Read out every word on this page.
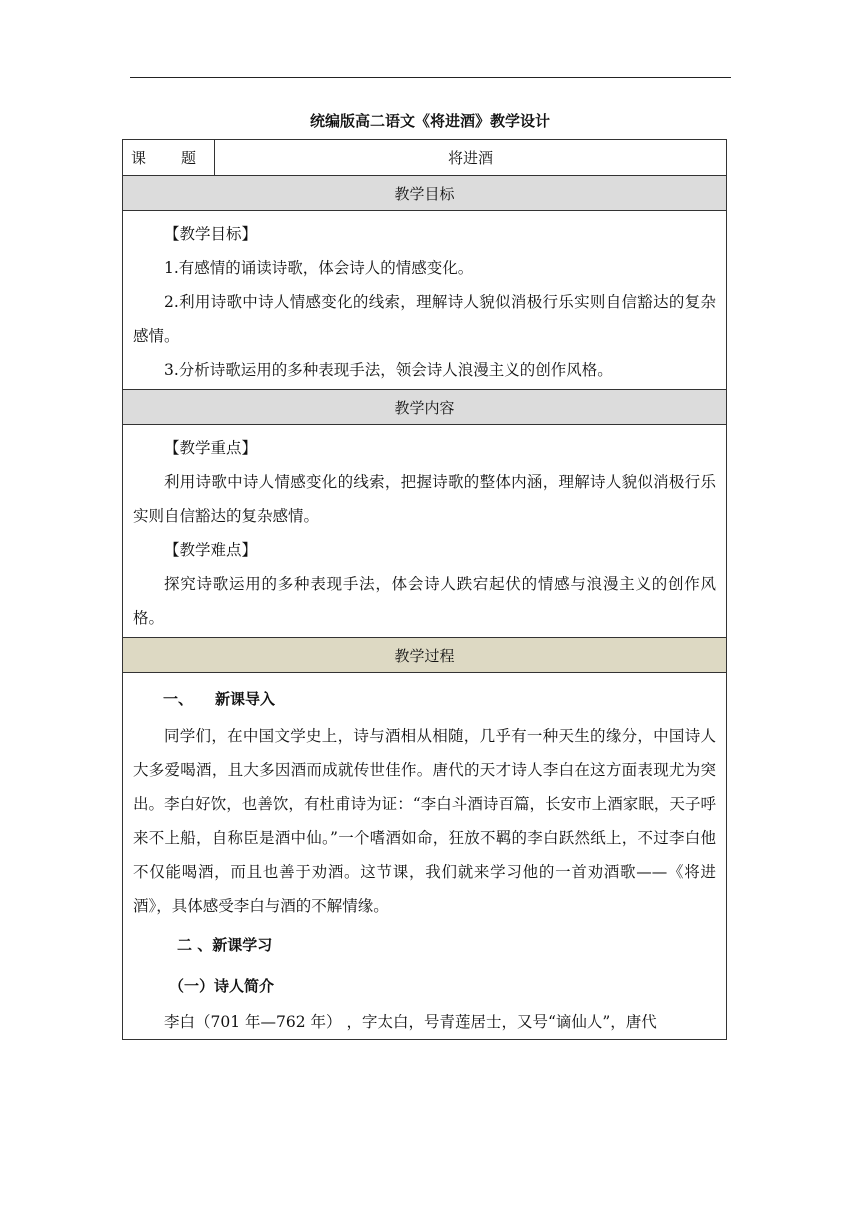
统编版高二语文《将进酒》教学设计
课 题	将进酒
教学目标

【教学目标】

1.有感情的诵读诗歌，体会诗人的情感变化。

2.利用诗歌中诗人情感变化的线索，理解诗人貌似消极行乐实则自信豁达的复杂感情。

3.分析诗歌运用的多种表现手法，领会诗人浪漫主义的创作风格。

教学内容

【教学重点】

利用诗歌中诗人情感变化的线索，把握诗歌的整体内涵，理解诗人貌似消极行乐实则自信豁达的复杂感情。

【教学难点】

探究诗歌运用的多种表现手法，体会诗人跌宕起伏的情感与浪漫主义的创作风格。

教学过程

一、 新课导入

同学们，在中国文学史上，诗与酒相从相随，几乎有一种天生的缘分，中国诗人大多爱喝酒，且大多因酒而成就传世佳作。唐代的天才诗人李白在这方面表现尤为突出。李白好饮，也善饮，有杜甫诗为证：“李白斗酒诗百篇，长安市上酒家眠，天子呼来不上船，自称臣是酒中仙。”一个嗜酒如命，狂放不羁的李白跃然纸上，不过李白他不仅能喝酒，而且也善于劝酒。这节课，我们就来学习他的一首劝酒歌——《将进酒》，具体感受李白与酒的不解情缘。

二 、新课学习

（一）诗人简介

李白（701 年—762 年） ，字太白，号青莲居士，又号“谪仙人”，唐代
